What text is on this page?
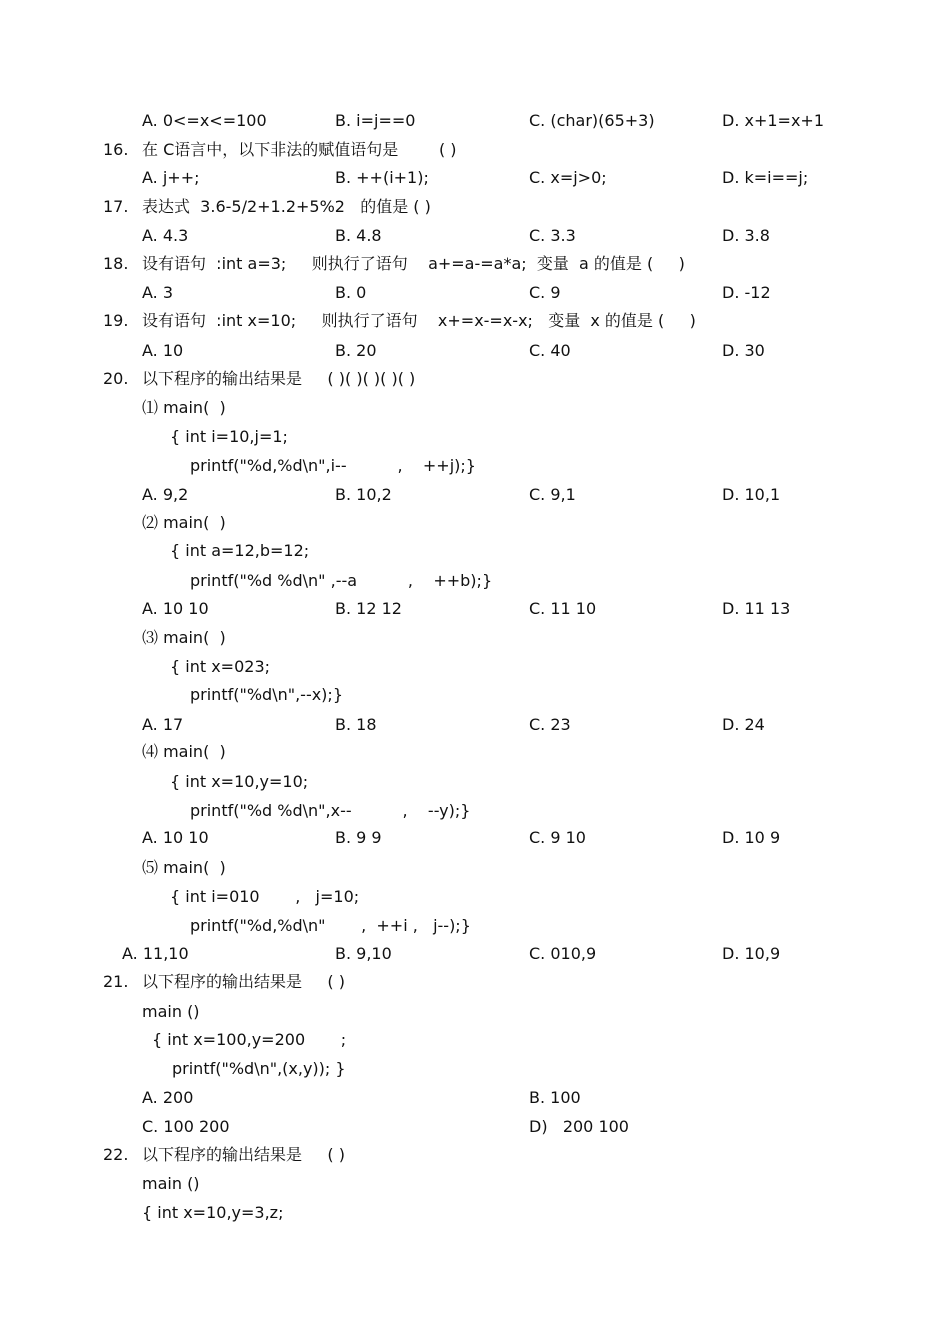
A. 0<=x<=100	B. i=j==0	C. (char)(65+3)	D. x+1=x+1
16. 在 C语言中，以下非法的赋值语句是        ( )
A. j++;	B. ++(i+1);	C. x=j>0;	D. k=i==j;
17. 表达式  3.6-5/2+1.2+5%2   的值是 ( )
A. 4.3	B. 4.8	C. 3.3	D. 3.8
18. 设有语句  :int a=3;     则执行了语句    a+=a-=a*a;  变量  a 的值是 (     )
A. 3	B. 0	C. 9	D. -12
19. 设有语句  :int x=10;     则执行了语句    x+=x-=x-x;   变量  x 的值是 (     )
A. 10	B. 20	C. 40	D. 30
20. 以下程序的输出结果是     ( )( )( )( )( )
⑴ main(  )
{ int i=10,j=1;
printf("%d,%d\n",i--          ,    ++j);}
A. 9,2	B. 10,2	C. 9,1	D. 10,1
⑵ main(  )
{ int a=12,b=12;
printf("%d %d\n" ,--a          ,    ++b);}
A. 10 10	B. 12 12	C. 11 10	D. 11 13
⑶ main(  )
{ int x=023;
printf("%d\n",--x);}
A. 17	B. 18	C. 23	D. 24
⑷ main(  )
{ int x=10,y=10;
printf("%d %d\n",x--          ,    --y);}
A. 10 10	B. 9 9	C. 9 10	D. 10 9
⑸ main(  )
{ int i=010       ,   j=10;
printf("%d,%d\n"       ,  ++i ,   j--);}
A. 11,10	B. 9,10	C. 010,9	D. 10,9
21. 以下程序的输出结果是     ( )
main ()
{ int x=100,y=200       ;
printf("%d\n",(x,y)); }
A. 200	B. 100
C. 100 200	D)   200 100
22. 以下程序的输出结果是     ( )
main ()
{ int x=10,y=3,z;
